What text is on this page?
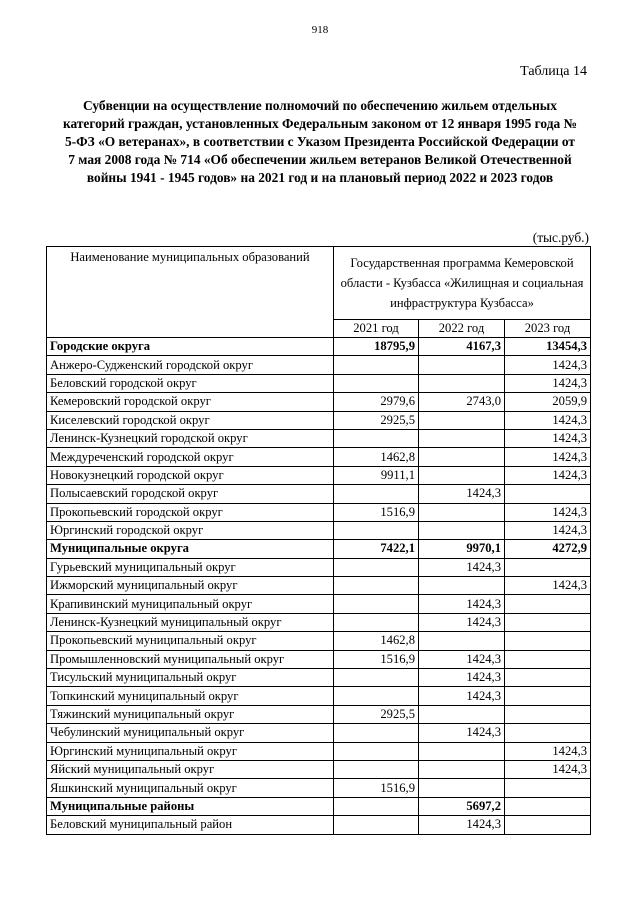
918
Таблица 14
Субвенции на осуществление полномочий по обеспечению жильем отдельных
категорий граждан, установленных Федеральным законом от 12 января 1995 года №
5-ФЗ «О ветеранах», в соответствии с Указом Президента Российской Федерации от
7 мая 2008 года № 714 «Об обеспечении жильем ветеранов Великой Отечественной
войны 1941 - 1945 годов» на 2021 год и на плановый период 2022 и 2023 годов
(тыс.руб.)
Наименование муниципальных образований	Государственная программа Кемеровской области - Кузбасса «Жилищная и социальная инфраструктура Кузбасса»		
	2021 год	2022 год	2023 год
Городские округа	18795,9	4167,3	13454,3
Анжеро-Судженский городской округ			1424,3
Беловский городской округ			1424,3
Кемеровский городской округ	2979,6	2743,0	2059,9
Киселевский городской округ	2925,5		1424,3
Ленинск-Кузнецкий городской округ			1424,3
Междуреченский городской округ	1462,8		1424,3
Новокузнецкий городской округ	9911,1		1424,3
Полысаевский городской округ		1424,3	
Прокопьевский городской округ	1516,9		1424,3
Юргинский городской округ			1424,3
Муниципальные округа	7422,1	9970,1	4272,9
Гурьевский муниципальный округ		1424,3	
Ижморский муниципальный округ			1424,3
Крапивинский муниципальный округ		1424,3	
Ленинск-Кузнецкий муниципальный округ		1424,3	
Прокопьевский муниципальный округ	1462,8		
Промышленновский муниципальный округ	1516,9	1424,3	
Тисульский муниципальный округ		1424,3	
Топкинский муниципальный округ		1424,3	
Тяжинский муниципальный округ	2925,5		
Чебулинский муниципальный округ		1424,3	
Юргинский муниципальный округ			1424,3
Яйский муниципальный округ			1424,3
Яшкинский муниципальный округ	1516,9		
Муниципальные районы		5697,2	
Беловский муниципальный район		1424,3	
